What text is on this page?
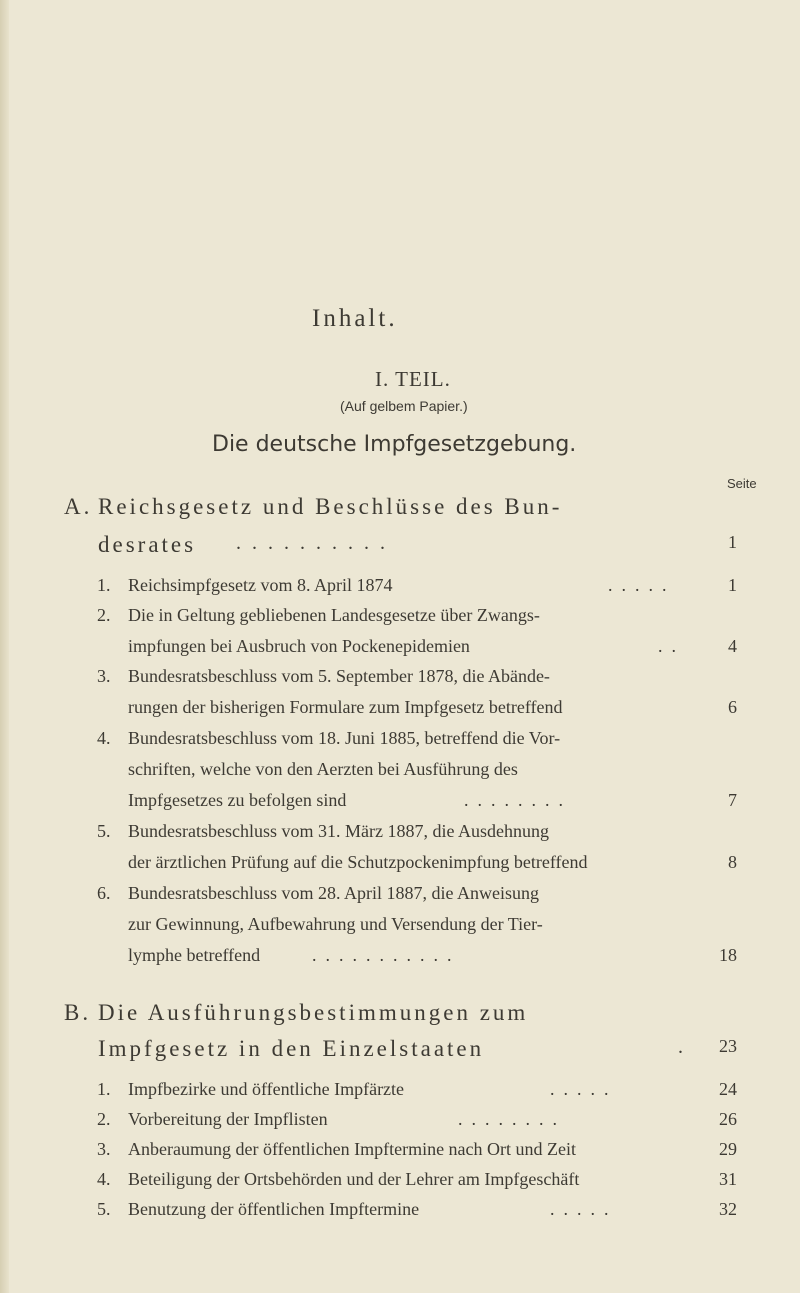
Inhalt.
I. TEIL.
(Auf gelbem Papier.)
Die deutsche Impfgesetzgebung.
Seite
A. Reichsgesetz und Beschlüsse des Bun-
desrates ..........	1
1. Reichsimpfgesetz vom 8. April 1874	.....	1
2. Die in Geltung gebliebenen Landesgesetze über Zwangs-
impfungen bei Ausbruch von Pockenepidemien	..	4
3. Bundesratsbeschluss vom 5. September 1878, die Abände-
rungen der bisherigen Formulare zum Impfgesetz betreffend	6
4. Bundesratsbeschluss vom 18. Juni 1885, betreffend die Vor-
schriften, welche von den Aerzten bei Ausführung des
Impfgesetzes zu befolgen sind	........	7
5. Bundesratsbeschluss vom 31. März 1887, die Ausdehnung
der ärztlichen Prüfung auf die Schutzpockenimpfung betreffend	8
6. Bundesratsbeschluss vom 28. April 1887, die Anweisung
zur Gewinnung, Aufbewahrung und Versendung der Tier-
lymphe betreffend	...........	18
B. Die Ausführungsbestimmungen zum
Impfgesetz in den Einzelstaaten	.	23
1. Impfbezirke und öffentliche Impfärzte	.....	24
2. Vorbereitung der Impflisten	........	26
3. Anberaumung der öffentlichen Impftermine nach Ort und Zeit	29
4. Beteiligung der Ortsbehörden und der Lehrer am Impfgeschäft	31
5. Benutzung der öffentlichen Impftermine	.....	32
